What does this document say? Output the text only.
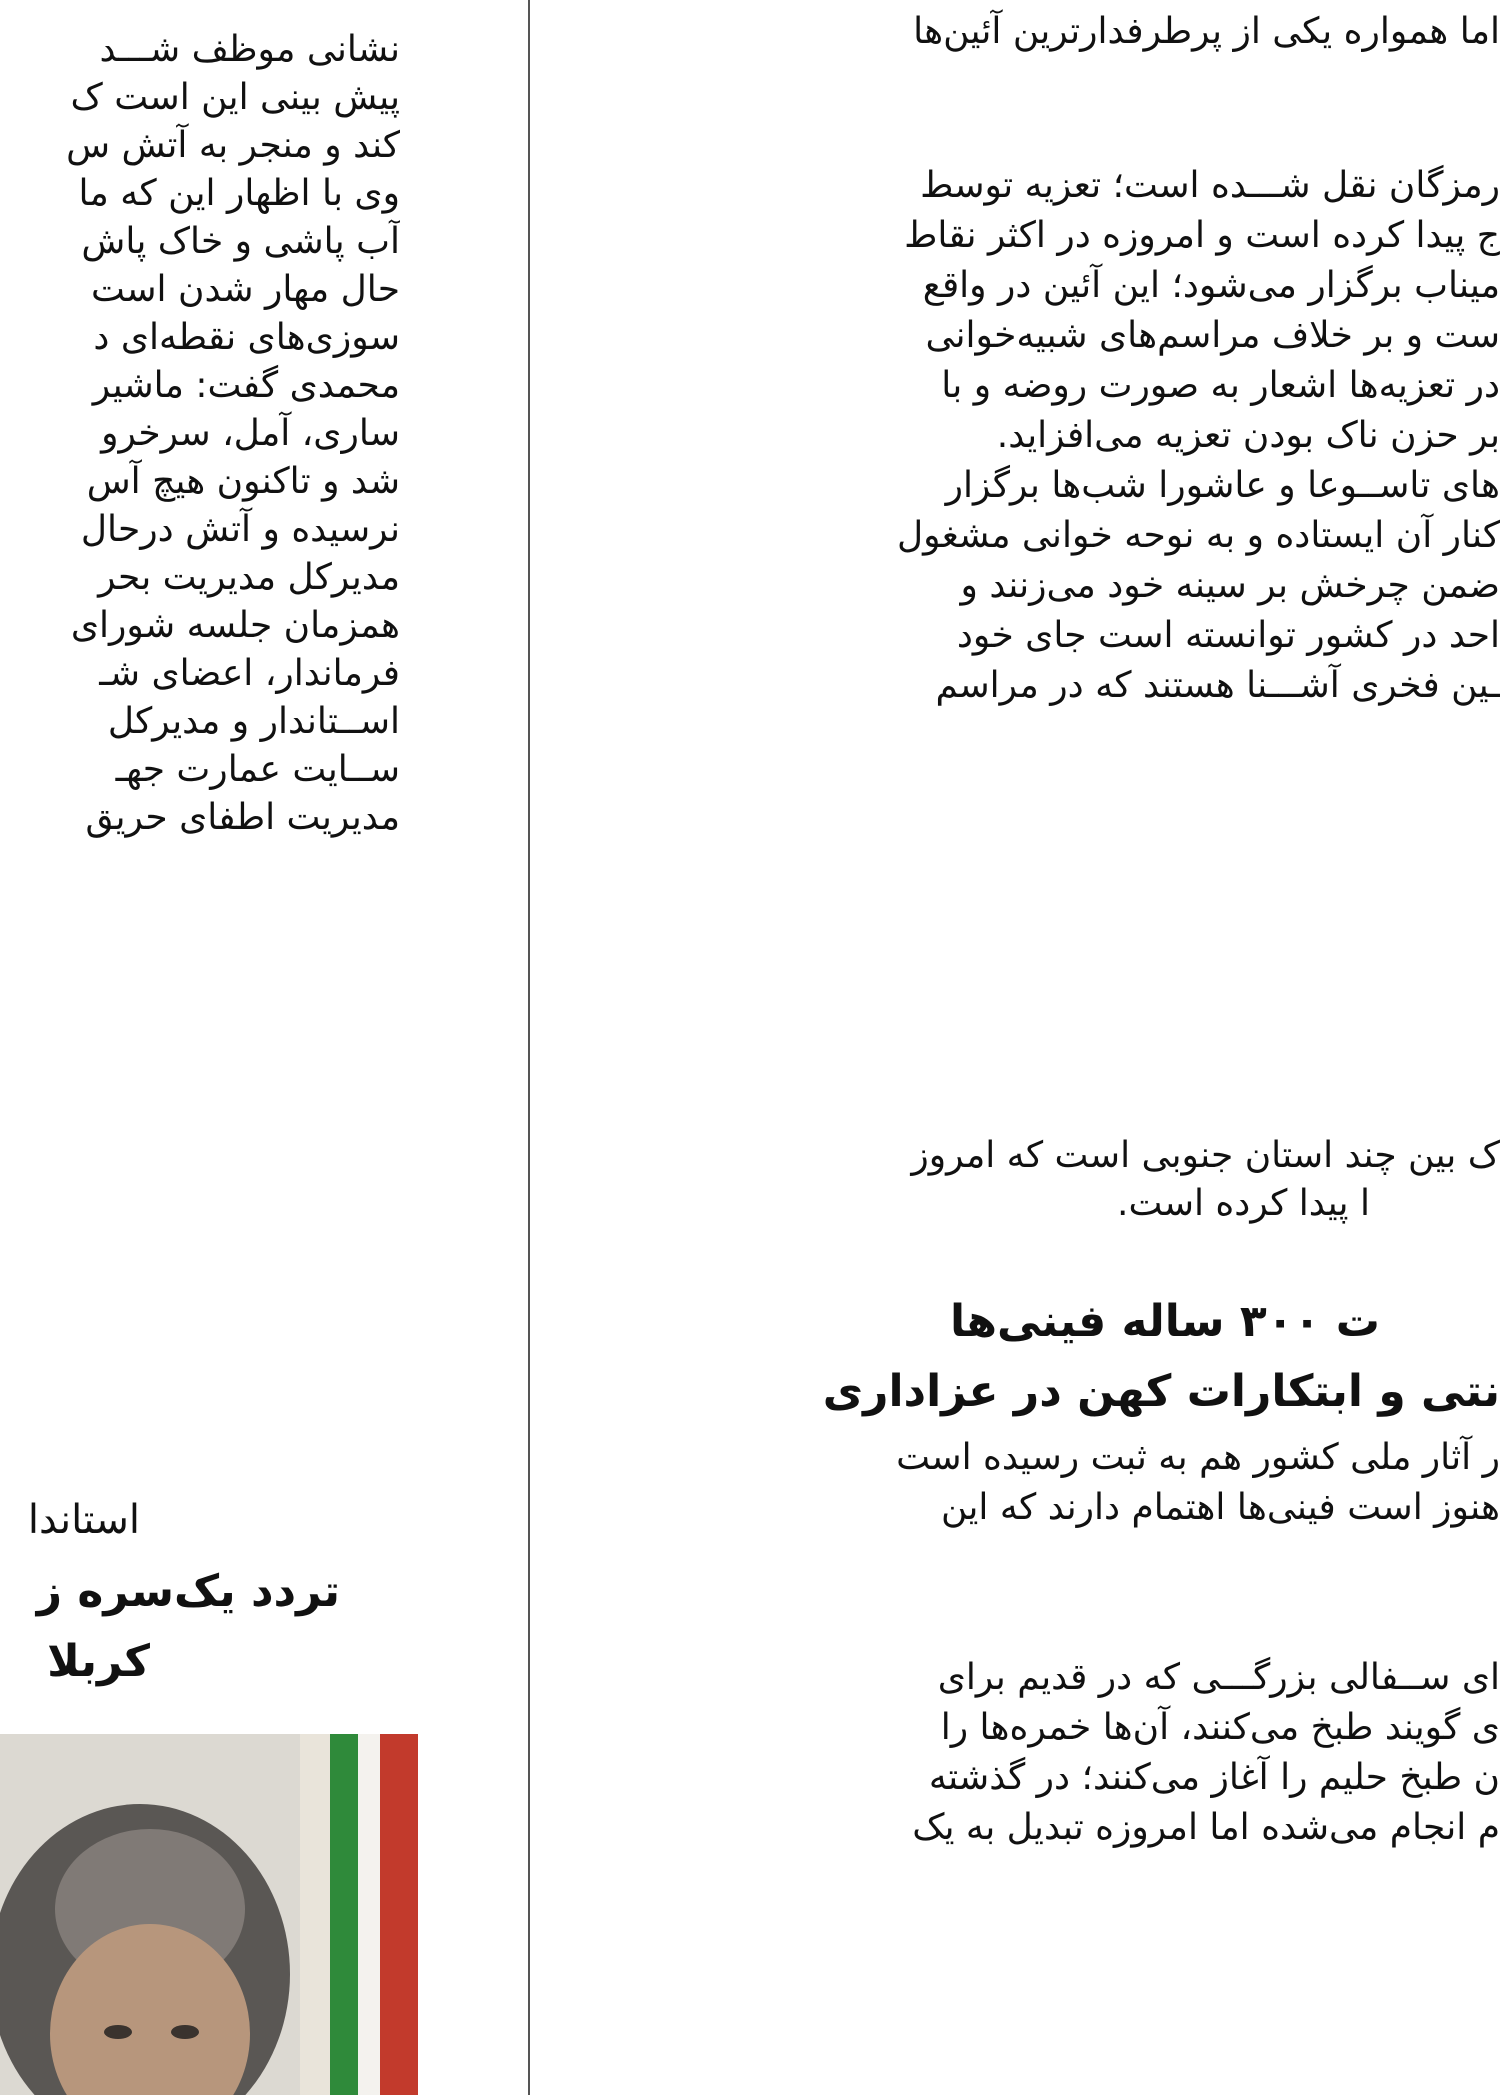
نشانی موظف شـــد
پیش بینی این است ک
کند و منجر به آتش س
وی با اظهار این که ما
آب پاشی و خاک پاش
حال مهار شدن است
سوزی‌های نقطه‌ای د
محمدی گفت: ماشیر
ساری، آمل، سرخرو
شد و تاکنون هیچ آس
نرسیده و آتش درحال
مدیرکل مدیریت بحر
همزمان جلسه شورای
فرماندار، اعضای شـ
اســتاندار و مدیرکل
ســایت عمارت جهـ
مدیریت اطفای حریق
استاندا
تردد یک‌سره ز
کربلا
اما همواره یکی از پرطرفدارترین آئین‌ها
رمزگان نقل شـــده است؛ تعزیه توسط
ج پیدا کرده است و امروزه در اکثر نقاط
میناب برگزار می‌شود؛ این آئین در واقع
ست و بر خلاف مراسم‌های شبیه‌خوانی
در تعزیه‌ها اشعار به صورت روضه و با
بر حزن ناک بودن تعزیه می‌افزاید.
های تاســوعا و عاشورا شب‌ها برگزار
کنار آن ایستاده و به نوحه خوانی مشغول
ضمن چرخش بر سینه خود می‌زنند و
احد در کشور توانسته است جای خود
ـین فخری آشـــنا هستند که در مراسم
ک بین چند استان جنوبی است که امروز
ا پیدا کرده است.
ت ۳۰۰ ساله فینی‌ها
نتی و ابتکارات کهن در عزاداری
ر آثار ملی کشور هم به ثبت رسیده است
هنوز است فینی‌ها اهتمام دارند که این
ای ســفالی بزرگـــی که در قدیم برای
ی گویند طبخ می‌کنند، آن‌ها خمره‌ها را
ن طبخ حلیم را آغاز می‌کنند؛ در گذشته
م انجام می‌شده اما امروزه تبدیل به یک
